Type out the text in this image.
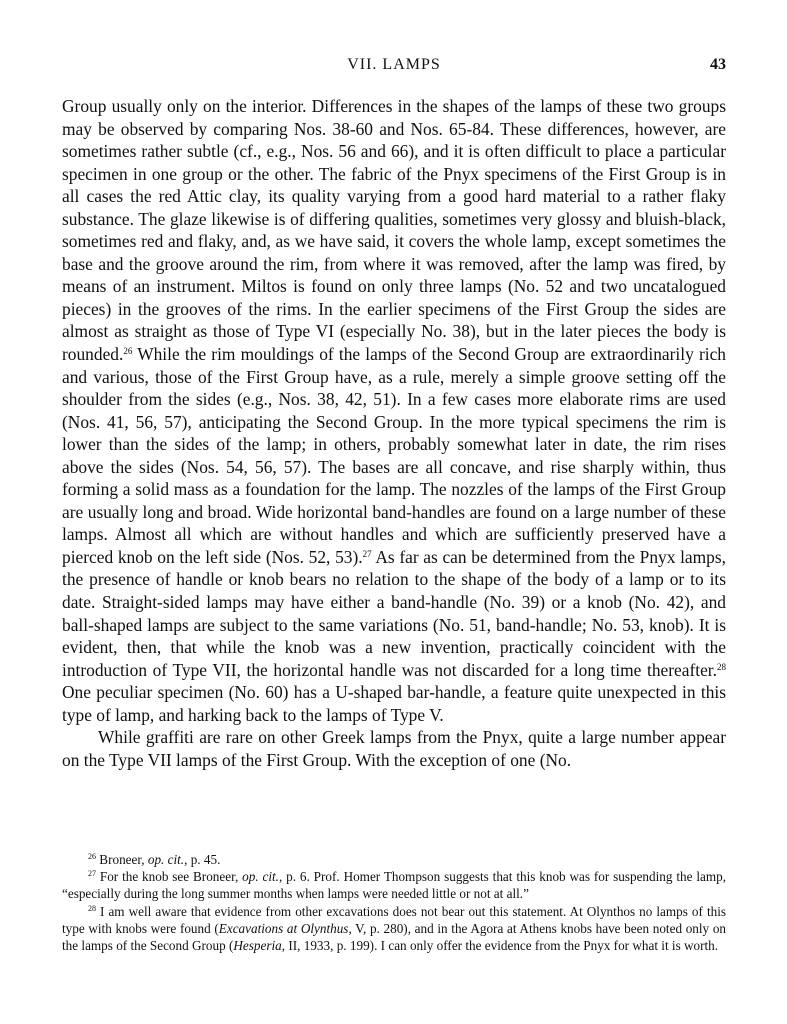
VII. LAMPS	43

Group usually only on the interior. Differences in the shapes of the lamps of these two groups may be observed by comparing Nos. 38-60 and Nos. 65-84. These differences, however, are sometimes rather subtle (cf., e.g., Nos. 56 and 66), and it is often difficult to place a particular specimen in one group or the other. The fabric of the Pnyx specimens of the First Group is in all cases the red Attic clay, its quality varying from a good hard material to a rather flaky substance. The glaze likewise is of differing qualities, sometimes very glossy and bluish-black, sometimes red and flaky, and, as we have said, it covers the whole lamp, except sometimes the base and the groove around the rim, from where it was removed, after the lamp was fired, by means of an instrument. Miltos is found on only three lamps (No. 52 and two uncatalogued pieces) in the grooves of the rims. In the earlier specimens of the First Group the sides are almost as straight as those of Type VI (especially No. 38), but in the later pieces the body is rounded.$^{26}$ While the rim mouldings of the lamps of the Second Group are extraordinarily rich and various, those of the First Group have, as a rule, merely a simple groove setting off the shoulder from the sides (e.g., Nos. 38, 42, 51). In a few cases more elaborate rims are used (Nos. 41, 56, 57), anticipating the Second Group. In the more typical specimens the rim is lower than the sides of the lamp; in others, probably somewhat later in date, the rim rises above the sides (Nos. 54, 56, 57). The bases are all concave, and rise sharply within, thus forming a solid mass as a foundation for the lamp. The nozzles of the lamps of the First Group are usually long and broad. Wide horizontal band-handles are found on a large number of these lamps. Almost all which are without handles and which are sufficiently preserved have a pierced knob on the left side (Nos. 52, 53).$^{27}$ As far as can be determined from the Pnyx lamps, the presence of handle or knob bears no relation to the shape of the body of a lamp or to its date. Straight-sided lamps may have either a band-handle (No. 39) or a knob (No. 42), and ball-shaped lamps are subject to the same variations (No. 51, band-handle; No. 53, knob). It is evident, then, that while the knob was a new invention, practically coincident with the introduction of Type VII, the horizontal handle was not discarded for a long time thereafter.$^{28}$ One peculiar specimen (No. 60) has a U-shaped bar-handle, a feature quite unexpected in this type of lamp, and harking back to the lamps of Type V.

While graffiti are rare on other Greek lamps from the Pnyx, quite a large number appear on the Type VII lamps of the First Group. With the exception of one (No.

$^{26}$ Broneer, op. cit., p. 45.

$^{27}$ For the knob see Broneer, op. cit., p. 6. Prof. Homer Thompson suggests that this knob was for suspending the lamp, “especially during the long summer months when lamps were needed little or not at all.”

$^{28}$ I am well aware that evidence from other excavations does not bear out this statement. At Olynthos no lamps of this type with knobs were found (Excavations at Olynthus, V, p. 280), and in the Agora at Athens knobs have been noted only on the lamps of the Second Group (Hesperia, II, 1933, p. 199). I can only offer the evidence from the Pnyx for what it is worth.
